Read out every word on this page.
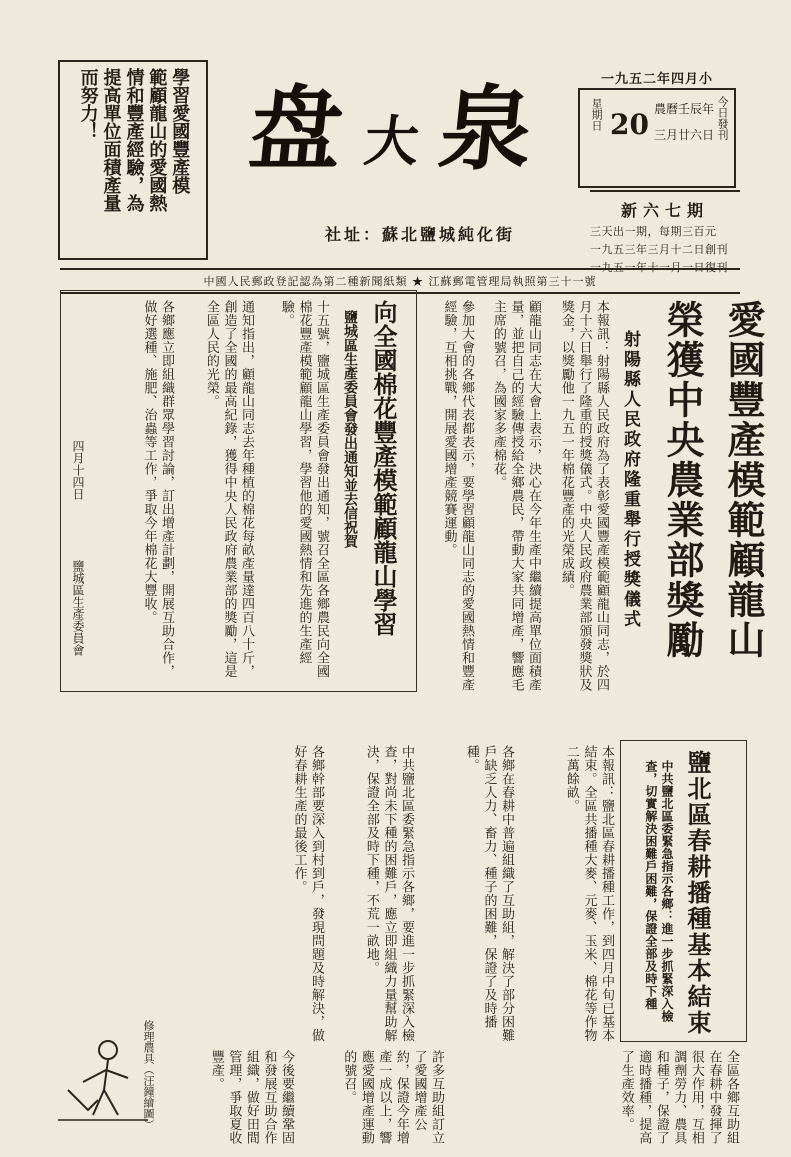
學習愛國豐產模
範顧龍山的愛國熱
情和豐產經驗，為
提高單位面積產量
而努力！ 盘 大 泉
社址：蘇北鹽城純化街
一九五二年四月小
星期日 20 農曆壬辰年
三月廿六日 今日發刊
新六七期
三天出一期，每期三百元
一九五三年三月十二日創刊
一九五一年十一月一日復刊
中國人民郵政登記認為第二種新聞紙類 ★ 江蘇郵電管理局執照第三十一號
愛國豐產模範顧龍山
榮獲中央農業部獎勵
射陽縣人民政府隆重舉行授獎儀式
本報訊：射陽縣人民政府為了表彰愛國豐產模範顧龍山同志，於四月十六日舉行了隆重的授獎儀式。中央人民政府農業部頒發獎狀及獎金，以獎勵他一九五一年棉花豐產的光榮成績。
顧龍山同志在大會上表示，決心在今年生產中繼續提高單位面積產量，並把自己的經驗傳授給全鄉農民，帶動大家共同增產，響應毛主席的號召，為國家多產棉花。
參加大會的各鄉代表都表示，要學習顧龍山同志的愛國熱情和豐產經驗，互相挑戰，開展愛國增產競賽運動。
向全國棉花豐產模範顧龍山學習
鹽城區生產委員會發出通知並去信祝賀
十五號，鹽城區生產委員會發出通知，號召全區各鄉農民向全國棉花豐產模範顧龍山學習，學習他的愛國熱情和先進的生產經驗。
通知指出，顧龍山同志去年種植的棉花每畝產量達四百八十斤，創造了全國的最高紀錄，獲得中央人民政府農業部的獎勵，這是全區人民的光榮。
各鄉應立即組織群眾學習討論，訂出增產計劃，開展互助合作，做好選種、施肥、治蟲等工作，爭取今年棉花大豐收。
鹽城區生產委員會
四月十四日
鹽北區春耕播種基本結束
中共鹽北區委緊急指示各鄉：進一步抓緊深入檢查，切實解決困難戶困難，保證全部及時下種
本報訊：鹽北區春耕播種工作，到四月中旬已基本結束。全區共播種大麥、元麥、玉米、棉花等作物二萬餘畝。
各鄉在春耕中普遍組織了互助組，解決了部分困難戶缺乏人力、畜力、種子的困難，保證了及時播種。
中共鹽北區委緊急指示各鄉，要進一步抓緊深入檢查，對尚未下種的困難戶，應立即組織力量幫助解決，保證全部及時下種，不荒一畝地。
各鄉幹部要深入到村到戶，發現問題及時解決，做好春耕生產的最後工作。
全區各鄉互助組在春耕中發揮了很大作用，互相調劑勞力、農具和種子，保證了適時播種，提高了生產效率。
許多互助組訂立了愛國增產公約，保證今年增產一成以上，響應愛國增產運動的號召。
今後要繼續鞏固和發展互助合作組織，做好田間管理，爭取夏收豐產。
修理農具（汪鐘繪圖）
